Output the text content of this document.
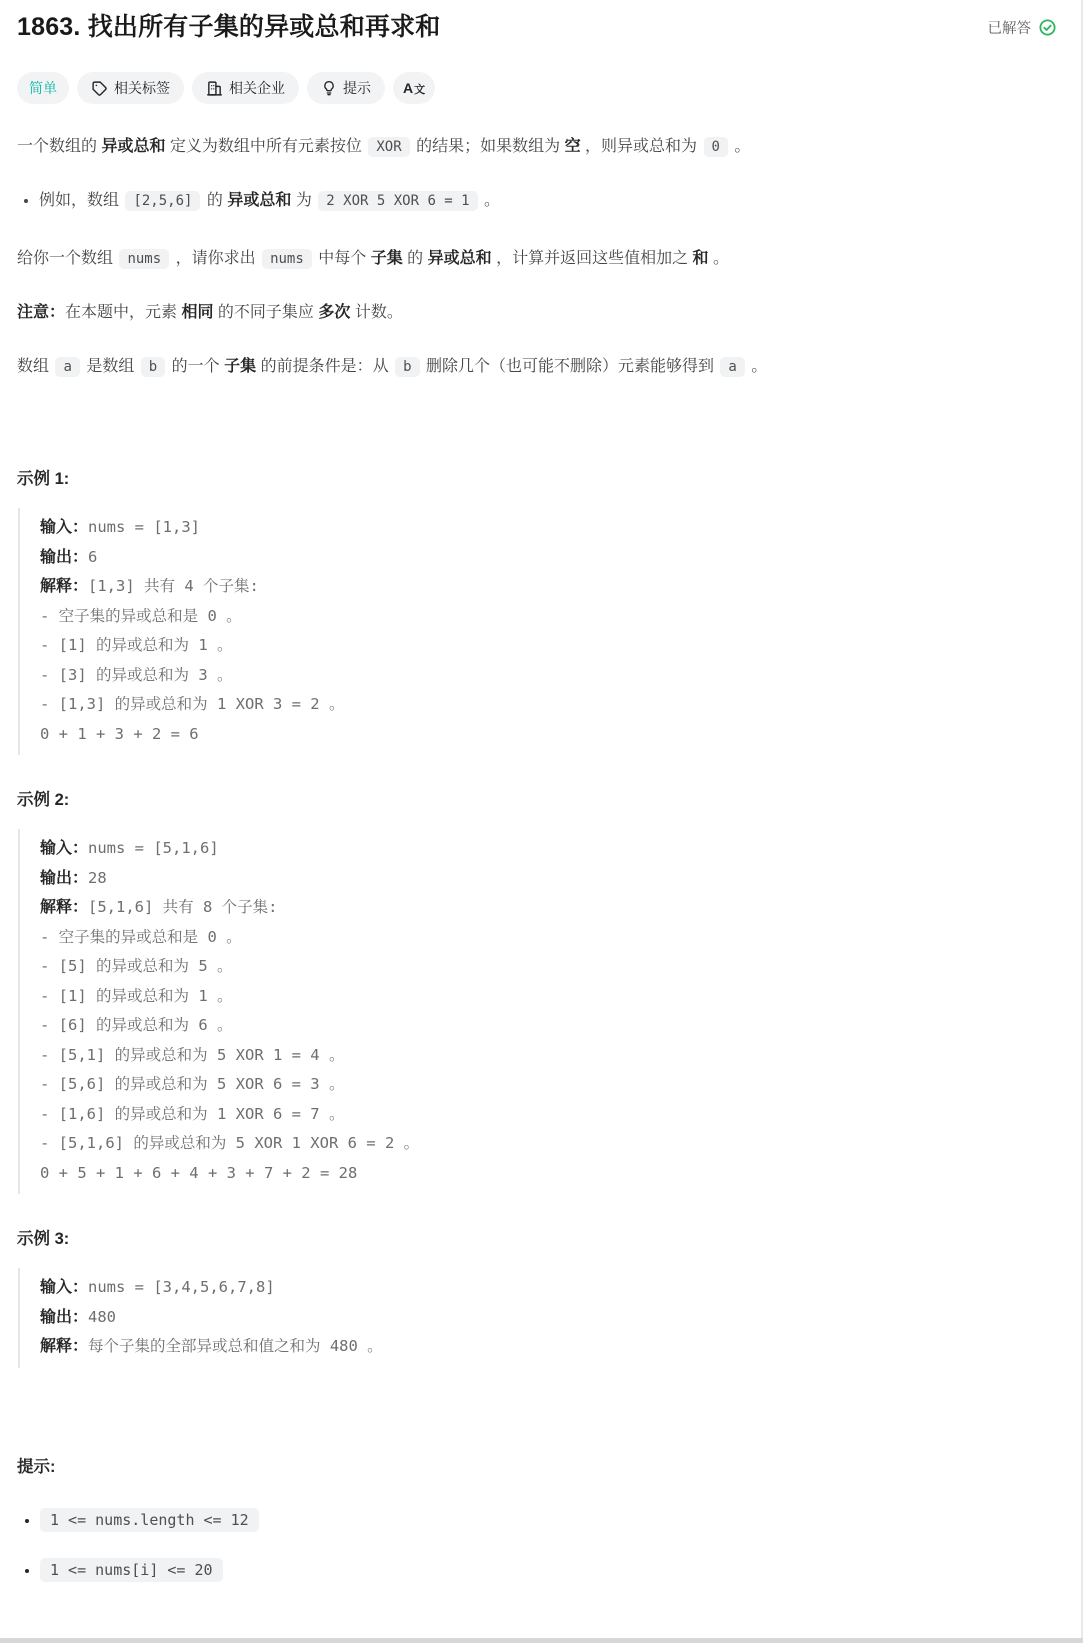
1863. 找出所有子集的异或总和再求和	已解答
简单	相关标签	相关企业	提示 A文

一个数组的 异或总和 定义为数组中所有元素按位 XOR 的结果；如果数组为 空 ，则异或总和为 0 。

• 例如，数组 [2,5,6] 的 异或总和 为 2 XOR 5 XOR 6 = 1 。

给你一个数组 nums ，请你求出 nums 中每个 子集 的 异或总和 ，计算并返回这些值相加之 和 。

注意：在本题中，元素 相同 的不同子集应 多次 计数。

数组 a 是数组 b 的一个 子集 的前提条件是：从 b 删除几个（也可能不删除）元素能够得到 a 。

示例 1:
输入：nums = [1,3]
输出：6
解释：[1,3] 共有 4 个子集:
- 空子集的异或总和是 0 。
- [1] 的异或总和为 1 。
- [3] 的异或总和为 3 。
- [1,3] 的异或总和为 1 XOR 3 = 2 。
0 + 1 + 3 + 2 = 6
示例 2:
输入：nums = [5,1,6]
输出：28
解释：[5,1,6] 共有 8 个子集:
- 空子集的异或总和是 0 。
- [5] 的异或总和为 5 。
- [1] 的异或总和为 1 。
- [6] 的异或总和为 6 。
- [5,1] 的异或总和为 5 XOR 1 = 4 。
- [5,6] 的异或总和为 5 XOR 6 = 3 。
- [1,6] 的异或总和为 1 XOR 6 = 7 。
- [5,1,6] 的异或总和为 5 XOR 1 XOR 6 = 2 。
0 + 5 + 1 + 6 + 4 + 3 + 7 + 2 = 28
示例 3:
输入：nums = [3,4,5,6,7,8]
输出：480
解释：每个子集的全部异或总和值之和为 480 。
提示:
• 1 <= nums.length <= 12
• 1 <= nums[i] <= 20
